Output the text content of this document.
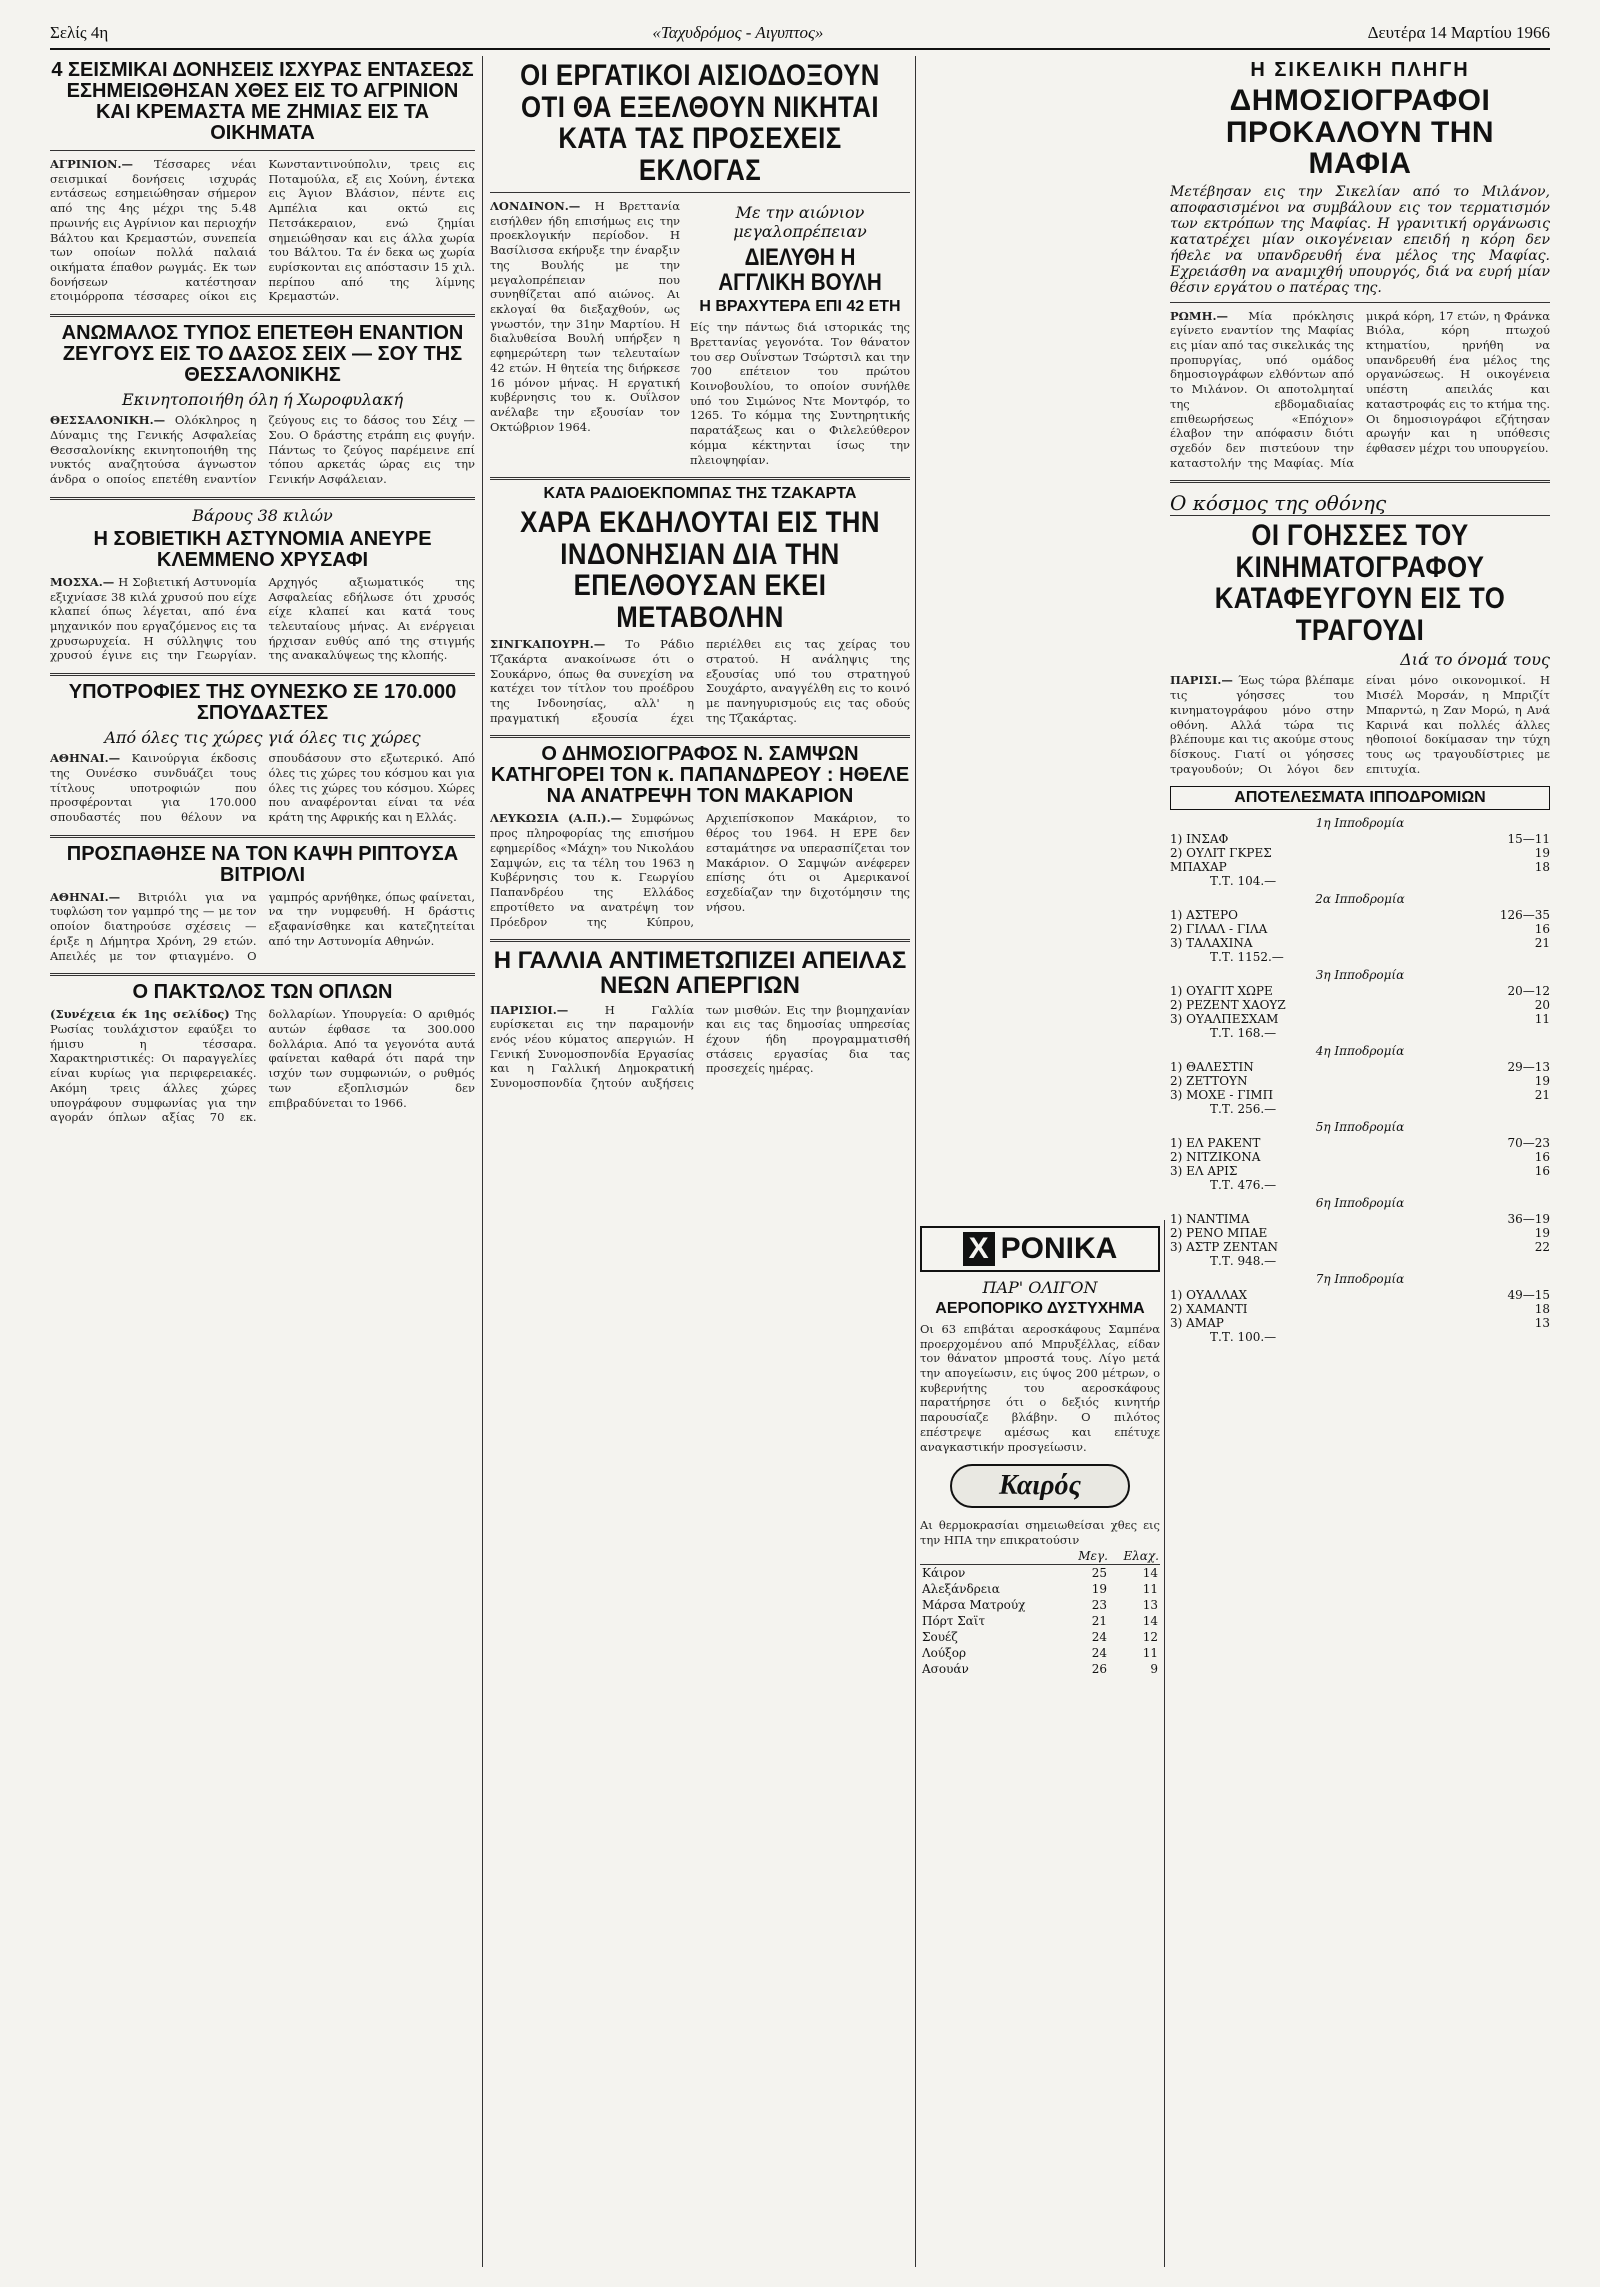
Σελίς 4η	«Ταχυδρόμος - Αιγυπτος»	Δευτέρα 14 Μαρτίου 1966
4 ΣΕΙΣΜΙΚΑΙ ΔΟΝΗΣΕΙΣ ΙΣΧΥΡΑΣ ΕΝΤΑΣΕΩΣ ΕΣΗΜΕΙΩΘΗΣΑΝ ΧΘΕΣ ΕΙΣ ΤΟ ΑΓΡΙΝΙΟΝ ΚΑΙ ΚΡΕΜΑΣΤΑ ΜΕ ΖΗΜΙΑΣ ΕΙΣ ΤΑ ΟΙΚΗΜΑΤΑ
ΑΓΡΙΝΙΟΝ.— Τέσσαρες νέαι σεισμικαί δονήσεις ισχυράς εντάσεως εσημειώθησαν σήμερον από της 4ης μέχρι της 5.48 πρωινής εις Αγρίνιον και περιοχήν Βάλτου και Κρεμαστών, συνεπεία των οποίων πολλά παλαιά οικήματα έπαθον ρωγμάς. Εκ των δονήσεων κατέστησαν ετοιμόρροπα τέσσαρες οίκοι εις Κωνσταντινούπολιν, τρεις εις Ποταμούλα, εξ εις Χούνη, έντεκα εις Άγιον Βλάσιον, πέντε εις Αμπέλια και οκτώ εις Πετσάκεραιον, ενώ ζημίαι σημειώθησαν και εις άλλα χωρία του Βάλτου. Τα έν δεκα ως χωρία ευρίσκονται εις απόστασιν 15 χιλ. περίπου από της λίμνης Κρεμαστών.
ΑΝΩΜΑΛΟΣ ΤΥΠΟΣ ΕΠΕΤΕΘΗ ΕΝΑΝΤΙΟΝ ΖΕΥΓΟΥΣ ΕΙΣ ΤΟ ΔΑΣΟΣ ΣΕΙΧ — ΣΟΥ ΤΗΣ ΘΕΣΣΑΛΟΝΙΚΗΣ
Εκινητοποιήθη όλη ή Χωροφυλακή
ΘΕΣΣΑΛΟΝΙΚΗ.— Ολόκληρος η Δύναμις της Γενικής Ασφαλείας Θεσσαλονίκης εκινητοποιήθη της νυκτός αναζητούσα άγνωστον άνδρα ο οποίος επετέθη εναντίον ζεύγους εις το δάσος του Σέιχ — Σου. Ο δράστης ετράπη εις φυγήν. Πάντως το ζεύγος παρέμεινε επί τόπου αρκετάς ώρας εις την Γενικήν Ασφάλειαν.
Βάρους 38 κιλών
Η ΣΟΒΙΕΤΙΚΗ ΑΣΤΥΝΟΜΙΑ ΑΝΕΥΡΕ ΚΛΕΜΜΕΝΟ ΧΡΥΣΑΦΙ
ΜΟΣΧΑ.— Η Σοβιετική Αστυνομία εξιχνίασε 38 κιλά χρυσού που είχε κλαπεί όπως λέγεται, από ένα μηχανικόν που εργαζόμενος εις τα χρυσωρυχεία. Η σύλληψις του χρυσού έγινε εις την Γεωργίαν. Αρχηγός αξιωματικός της Ασφαλείας εδήλωσε ότι χρυσός είχε κλαπεί και κατά τους τελευταίους μήνας. Αι ενέργειαι ήρχισαν ευθύς από της στιγμής της ανακαλύψεως της κλοπής.
ΥΠΟΤΡΟΦΙΕΣ ΤΗΣ ΟΥΝΕΣΚΟ ΣΕ 170.000 ΣΠΟΥΔΑΣΤΕΣ
Από όλες τις χώρες γιά όλες τις χώρες
ΑΘΗΝΑΙ.— Καινούργια έκδοσις της Ουνέσκο συνδυάζει τους τίτλους υποτροφιών που προσφέρονται για 170.000 σπουδαστές που θέλουν να σπουδάσουν στο εξωτερικό. Από όλες τις χώρες του κόσμου και για όλες τις χώρες του κόσμου. Χώρες που αναφέρονται είναι τα νέα κράτη της Αφρικής και η Ελλάς.
ΠΡΟΣΠΑΘΗΣΕ ΝΑ ΤΟΝ ΚΑΨΗ ΡΙΠΤΟΥΣΑ ΒΙΤΡΙΟΛΙ
ΑΘΗΝΑΙ.— Βιτριόλι για να τυφλώση τον γαμπρό της — με τον οποίον διατηρούσε σχέσεις — έριξε η Δήμητρα Χρόνη, 29 ετών. Απειλές με τον φτιαγμένο. Ο γαμπρός αρνήθηκε, όπως φαίνεται, να την νυμφευθή. Η δράστις εξαφανίσθηκε και κατεζητείται από την Αστυνομία Αθηνών.
Ο ΠΑΚΤΩΛΟΣ ΤΩΝ ΟΠΛΩΝ
(Συνέχεια έκ 1ης σελίδος) Της Ρωσίας τουλάχιστον εφαύξει το ήμισυ η τέσσαρα. Χαρακτηριστικές: Οι παραγγελίες είναι κυρίως για περιφερειακές. Ακόμη τρεις άλλες χώρες υπογράφουν συμφωνίας για την αγοράν όπλων αξίας 70 εκ. δολλαρίων. Υπουργεία: Ο αριθμός αυτών έφθασε τα 300.000 δολλάρια. Από τα γεγονότα αυτά φαίνεται καθαρά ότι παρά την ισχύν των συμφωνιών, ο ρυθμός των εξοπλισμών δεν επιβραδύνεται το 1966.
ΟΙ ΕΡΓΑΤΙΚΟΙ ΑΙΣΙΟΔΟΞΟΥΝ ΟΤΙ ΘΑ ΕΞΕΛΘΟΥΝ ΝΙΚΗΤΑΙ ΚΑΤΑ ΤΑΣ ΠΡΟΣΕΧΕΙΣ ΕΚΛΟΓΑΣ
ΛΟΝΔΙΝΟΝ.— Η Βρεττανία εισήλθεν ήδη επισήμως εις την προεκλογικήν περίοδον. Η Βασίλισσα εκήρυξε την έναρξιν της Βουλής με την μεγαλοπρέπειαν που συνηθίζεται από αιώνος. Αι εκλογαί θα διεξαχθούν, ως γνωστόν, την 31ην Μαρτίου. Η διαλυθείσα Βουλή υπήρξεν η εφημερώτερη των τελευταίων 42 ετών. Η θητεία της διήρκεσε 16 μόνον μήνας. Η εργατική κυβέρνησις του κ. Ουΐλσον ανέλαβε την εξουσίαν τον Οκτώβριον 1964.
Με την αιώνιον μεγαλοπρέπειαν
ΔΙΕΛΥΘΗ Η ΑΓΓΛΙΚΗ ΒΟΥΛΗ
Η ΒΡΑΧΥΤΕΡΑ ΕΠΙ 42 ΕΤΗ
Είς την πάντως διά ιστορικάς της Βρεττανίας γεγονότα. Τον θάνατον του σερ Ουΐνστων Τσώρτσιλ και την 700 επέτειον του πρώτου Κοινοβουλίου, το οποίον συνήλθε υπό του Σιμώνος Ντε Μοντφόρ, το 1265. Το κόμμα της Συντηρητικής παρατάξεως και ο Φιλελεύθερον κόμμα κέκτηνται ίσως την πλειοψηφίαν.
ΚΑΤΑ ΡΑΔΙΟΕΚΠΟΜΠΑΣ ΤΗΣ ΤΖΑΚΑΡΤΑ
ΧΑΡΑ ΕΚΔΗΛΟΥΤΑΙ ΕΙΣ ΤΗΝ ΙΝΔΟΝΗΣΙΑΝ ΔΙΑ ΤΗΝ ΕΠΕΛΘΟΥΣΑΝ ΕΚΕΙ ΜΕΤΑΒΟΛΗΝ
ΣΙΝΓΚΑΠΟΥΡΗ.— Το Ράδιο Τζακάρτα ανακοίνωσε ότι ο Σουκάρνο, όπως θα συνεχίση να κατέχει τον τίτλον του προέδρου της Ινδονησίας, αλλ' η πραγματική εξουσία έχει περιέλθει εις τας χείρας του στρατού. Η ανάληψις της εξουσίας υπό του στρατηγού Σουχάρτο, αναγγέλθη εις το κοινό με πανηγυρισμούς εις τας οδούς της Τζακάρτας.
Ο ΔΗΜΟΣΙΟΓΡΑΦΟΣ Ν. ΣΑΜΨΩΝ ΚΑΤΗΓΟΡΕΙ ΤΟΝ κ. ΠΑΠΑΝΔΡΕΟΥ : ΗΘΕΛΕ ΝΑ ΑΝΑΤΡΕΨΗ ΤΟΝ ΜΑΚΑΡΙΟΝ
ΛΕΥΚΩΣΙΑ (Α.Π.).— Συμφώνως προς πληροφορίας της επισήμου εφημερίδος «Μάχη» του Νικολάου Σαμψών, εις τα τέλη του 1963 η Κυβέρνησις του κ. Γεωργίου Παπανδρέου της Ελλάδος επροτίθετο να ανατρέψη τον Πρόεδρον της Κύπρου, Αρχιεπίσκοπον Μακάριον, το θέρος του 1964. Η ΕΡΕ δεν εσταμάτησε να υπερασπίζεται τον Μακάριον. Ο Σαμψών ανέφερεν επίσης ότι οι Αμερικανοί εσχεδίαζαν την διχοτόμησιν της νήσου.
Η ΓΑΛΛΙΑ ΑΝΤΙΜΕΤΩΠΙΖΕΙ ΑΠΕΙΛΑΣ ΝΕΩΝ ΑΠΕΡΓΙΩΝ
ΠΑΡΙΣΙΟΙ.—	Η Γαλλία ευρίσκεται εις την παραμονήν ενός νέου κύματος απεργιών. Η Γενική Συνομοσπονδία Εργασίας και η Γαλλική Δημοκρατική Συνομοσπονδία ζητούν αυξήσεις των μισθών. Εις την βιομηχανίαν και εις τας δημοσίας υπηρεσίας έχουν ήδη προγραμματισθή στάσεις εργασίας δια τας προσεχείς ημέρας.
X ΡΟΝΙΚΑ
ΠΑΡ' ΟΛΙΓΟΝ
ΑΕΡΟΠΟΡΙΚΟ ΔΥΣΤΥΧΗΜΑ
Οι 63 επιβάται αεροσκάφους Σαμπένα προερχομένου από Μπρυξέλλας, είδαν τον θάνατον μπροστά τους. Λίγο μετά την απογείωσιν, εις ύψος 200 μέτρων, ο κυβερνήτης του αεροσκάφους παρατήρησε ότι ο δεξιός κινητήρ παρουσίαζε βλάβην. Ο πιλότος επέστρεψε αμέσως και επέτυχε αναγκαστικήν προσγείωσιν.
Καιρός
Αι θερμοκρασίαι σημειωθείσαι χθες εις την ΗΠΑ την επικρατούσιν
	Μεγ.	Ελαχ.
Κάιρον	25	14
Αλεξάνδρεια	19	11
Μάρσα Ματρούχ	23	13
Πόρτ Σαϊτ	21	14
Σουέζ	24	12
Λούξορ	24	11
Ασουάν	26	9
Η ΣΙΚΕΛΙΚΗ ΠΛΗΓΗ
ΔΗΜΟΣΙΟΓΡΑΦΟΙ ΠΡΟΚΑΛΟΥΝ ΤΗΝ ΜΑΦΙΑ
Μετέβησαν εις την Σικελίαν από το Μιλάνον, αποφασισμένοι να συμβάλουν εις τον τερματισμόν των εκτρόπων της Μαφίας. Η γρανιτική οργάνωσις κατατρέχει μίαν οικογένειαν επειδή η κόρη δεν ήθελε να υπανδρευθή ένα μέλος της Μαφίας. Εχρειάσθη να αναμιχθή υπουργός, διά να ευρή μίαν θέσιν εργάτου ο πατέρας της.
ΡΩΜΗ.— Μία πρόκλησις εγίνετο εναντίον της Μαφίας εις μίαν από τας σικελικάς της προπυργίας, υπό ομάδος δημοσιογράφων ελθόντων από το Μιλάνον. Οι αποτολμηταί της εβδομαδιαίας επιθεωρήσεως «Επόχιον» έλαβον την απόφασιν διότι σχεδόν δεν πιστεύουν την καταστολήν της Μαφίας. Μία μικρά κόρη, 17 ετών, η Φράνκα Βιόλα, κόρη πτωχού κτηματίου, ηρνήθη να υπανδρευθή ένα μέλος της οργανώσεως. Η οικογένεια υπέστη απειλάς και καταστροφάς εις το κτήμα της. Οι δημοσιογράφοι εζήτησαν αρωγήν και η υπόθεσις έφθασεν μέχρι του υπουργείου.
Ο κόσμος της οθόνης
ΟΙ ΓΟΗΣΣΕΣ ΤΟΥ ΚΙΝΗΜΑΤΟΓΡΑΦΟΥ ΚΑΤΑΦΕΥΓΟΥΝ ΕΙΣ ΤΟ ΤΡΑΓΟΥΔΙ
Διά το όνομά τους
ΠΑΡΙΣΙ.— Έως τώρα βλέπαμε τις γόησσες του κινηματογράφου μόνο στην οθόνη. Αλλά τώρα τις βλέπουμε και τις ακούμε στους δίσκους. Γιατί οι γόησσες τραγουδούν; Οι λόγοι δεν είναι μόνο οικονομικοί. Η Μισέλ Μορσάν, η Μπριζίτ Μπαρντώ, η Ζαν Μορώ, η Ανά Καρινά και πολλές άλλες ηθοποιοί δοκίμασαν την τύχη τους ως τραγουδίστριες με επιτυχία.
ΑΠΟΤΕΛΕΣΜΑΤΑ ΙΠΠΟΔΡΟΜΙΩΝ
1η Ιπποδρομία
1) ΙΝΣΑΦ	15—11
2) ΟΥΛΙΤ ΓΚΡΕΣ	19
ΜΠΑΧΑΡ	18
Τ.Τ. 104.—
2α Ιπποδρομία
1) ΑΣΤΕΡΟ	126—35
2) ΓΙΛΑΛ - ΓΙΛΑ	16
3) ΤΑΛΑΧΙΝΑ	21
Τ.Τ. 1152.—
3η Ιπποδρομία
1) ΟΥΑΓΙΤ ΧΩΡΕ	20—12
2) ΡΕΖΕΝΤ ΧΑΟΥΖ	20
3) ΟΥΑΛΠΕΣΧΑΜ	11
Τ.Τ. 168.—
4η Ιπποδρομία
1) ΘΑΛΕΣΤΙΝ	29—13
2) ΖΕΤΤΟΥΝ	19
3) ΜΟΧΕ - ΓΙΜΠ	21
Τ.Τ. 256.—
5η Ιπποδρομία
1) ΕΛ ΡΑΚΕΝΤ	70—23
2) ΝΙΤΖΙΚΟΝΑ	16
3) ΕΛ ΑΡΙΣ	16
Τ.Τ. 476.—
6η Ιπποδρομία
1) ΝΑΝΤΙΜΑ	36—19
2) ΡΕΝΟ ΜΠΑΕ	19
3) ΑΣΤΡ ΖΕΝΤΑΝ	22
Τ.Τ. 948.—
7η Ιπποδρομία
1) ΟΥΑΛΛΑΧ	49—15
2) ΧΑΜΑΝΤΙ	18
3) ΑΜΑΡ	13
Τ.Τ. 100.—
